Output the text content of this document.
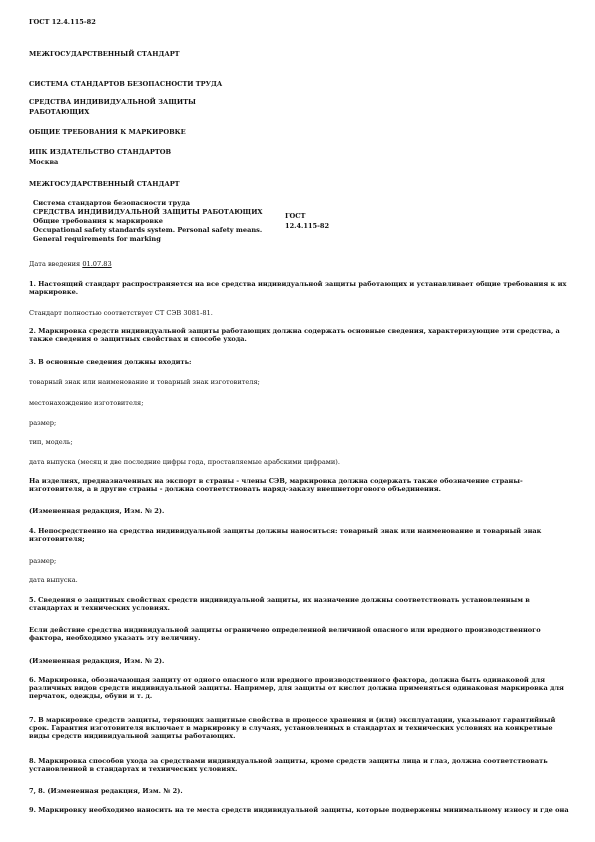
ГОСТ 12.4.115-82
МЕЖГОСУДАРСТВЕННЫЙ СТАНДАРТ
СИСТЕМА СТАНДАРТОВ БЕЗОПАСНОСТИ ТРУДА
СРЕДСТВА ИНДИВИДУАЛЬНОЙ ЗАЩИТЫ
РАБОТАЮЩИХ
ОБЩИЕ ТРЕБОВАНИЯ К МАРКИРОВКЕ
ИПК ИЗДАТЕЛЬСТВО СТАНДАРТОВ
Москва
МЕЖГОСУДАРСТВЕННЫЙ СТАНДАРТ
Система стандартов безопасности труда
СРЕДСТВА ИНДИВИДУАЛЬНОЙ ЗАЩИТЫ РАБОТАЮЩИХ
Общие требования к маркировке
Occupational safety standards system. Personal safety means.
General requirements for marking
ГОСТ
12.4.115-82
Дата введения 01.07.83
1. Настоящий стандарт распространяется на все средства индивидуальной защиты работающих и устанавливает общие требования к их маркировке.
Стандарт полностью соответствует СТ СЭВ 3081-81.
2. Маркировка средств индивидуальной защиты работающих должна содержать основные сведения, характеризующие эти средства, а также сведения о защитных свойствах и способе ухода.
3. В основные сведения должны входить:
товарный знак или наименование и товарный знак изготовителя;
местонахождение изготовителя;
размер;
тип, модель;
дата выпуска (месяц и две последние цифры года, проставляемые арабскими цифрами).
На изделиях, предназначенных на экспорт в страны - члены СЭВ, маркировка должна содержать также обозначение страны-изготовителя, а в другие страны - должна соответствовать наряд-заказу внешнеторгового объединения.
(Измененная редакция, Изм. № 2).
4. Непосредственно на средства индивидуальной защиты должны наноситься: товарный знак или наименование и товарный знак изготовителя;
размер;
дата выпуска.
5. Сведения о защитных свойствах средств индивидуальной защиты, их назначение должны соответствовать установленным в стандартах и технических условиях.
Если действие средства индивидуальной защиты ограничено определенной величиной опасного или вредного производственного фактора, необходимо указать эту величину.
(Измененная редакция, Изм. № 2).
6. Маркировка, обозначающая защиту от одного опасного или вредного производственного фактора, должна быть одинаковой для различных видов средств индивидуальной защиты. Например, для защиты от кислот должна применяться одинаковая маркировка для перчаток, одежды, обуви и т. д.
7. В маркировке средств защиты, теряющих защитные свойства в процессе хранения и (или) эксплуатации, указывают гарантийный срок. Гарантия изготовителя включает в маркировку в случаях, установленных в стандартах и технических условиях на конкретные виды средств индивидуальной защиты работающих.
8. Маркировка способов ухода за средствами индивидуальной защиты, кроме средств защиты лица и глаз, должна соответствовать установленной в стандартах и технических условиях.
7, 8. (Измененная редакция, Изм. № 2).
9. Маркировку необходимо наносить на те места средств индивидуальной защиты, которые подвержены минимальному износу и где она
